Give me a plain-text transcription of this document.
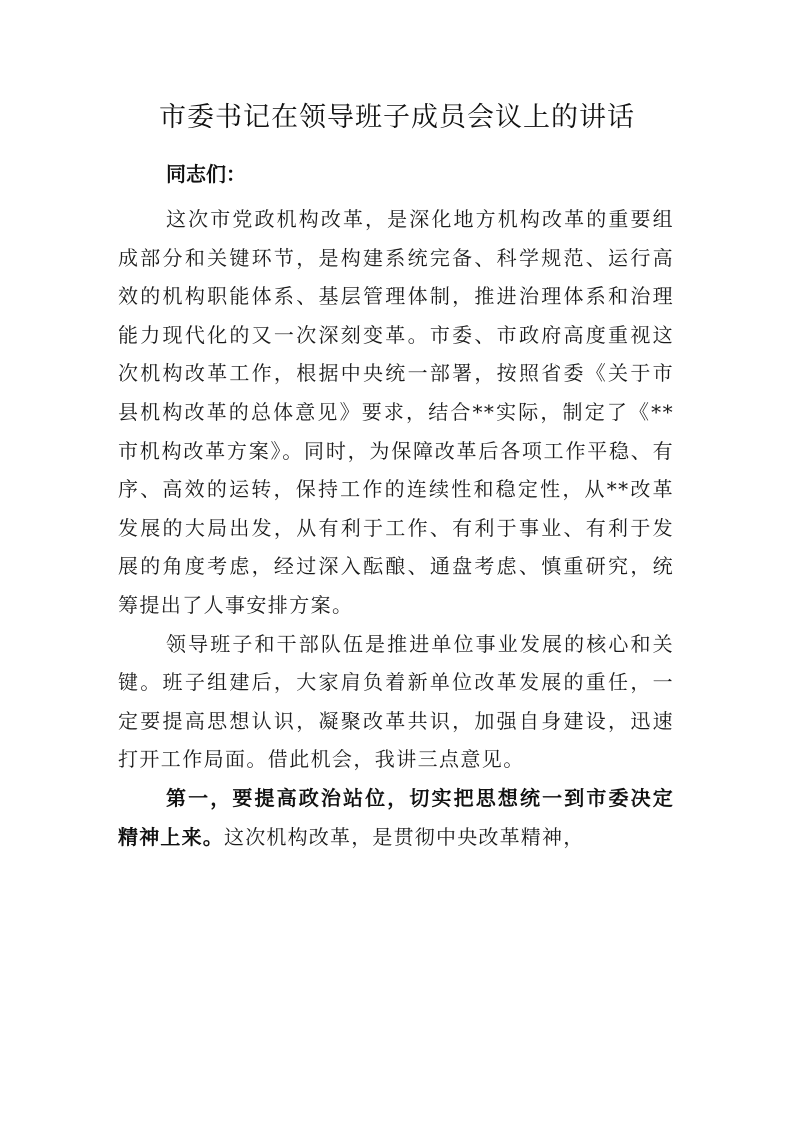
市委书记在领导班子成员会议上的讲话

同志们：

这次市党政机构改革，是深化地方机构改革的重要组成部分和关键环节，是构建系统完备、科学规范、运行高效的机构职能体系、基层管理体制，推进治理体系和治理能力现代化的又一次深刻变革。市委、市政府高度重视这次机构改革工作，根据中央统一部署，按照省委《关于市县机构改革的总体意见》要求，结合**实际，制定了《**市机构改革方案》。同时，为保障改革后各项工作平稳、有序、高效的运转，保持工作的连续性和稳定性，从**改革发展的大局出发，从有利于工作、有利于事业、有利于发展的角度考虑，经过深入酝酿、通盘考虑、慎重研究，统筹提出了人事安排方案。

领导班子和干部队伍是推进单位事业发展的核心和关键。班子组建后，大家肩负着新单位改革发展的重任，一定要提高思想认识，凝聚改革共识，加强自身建设，迅速打开工作局面。借此机会，我讲三点意见。

第一，要提高政治站位，切实把思想统一到市委决定精神上来。这次机构改革，是贯彻中央改革精神，
